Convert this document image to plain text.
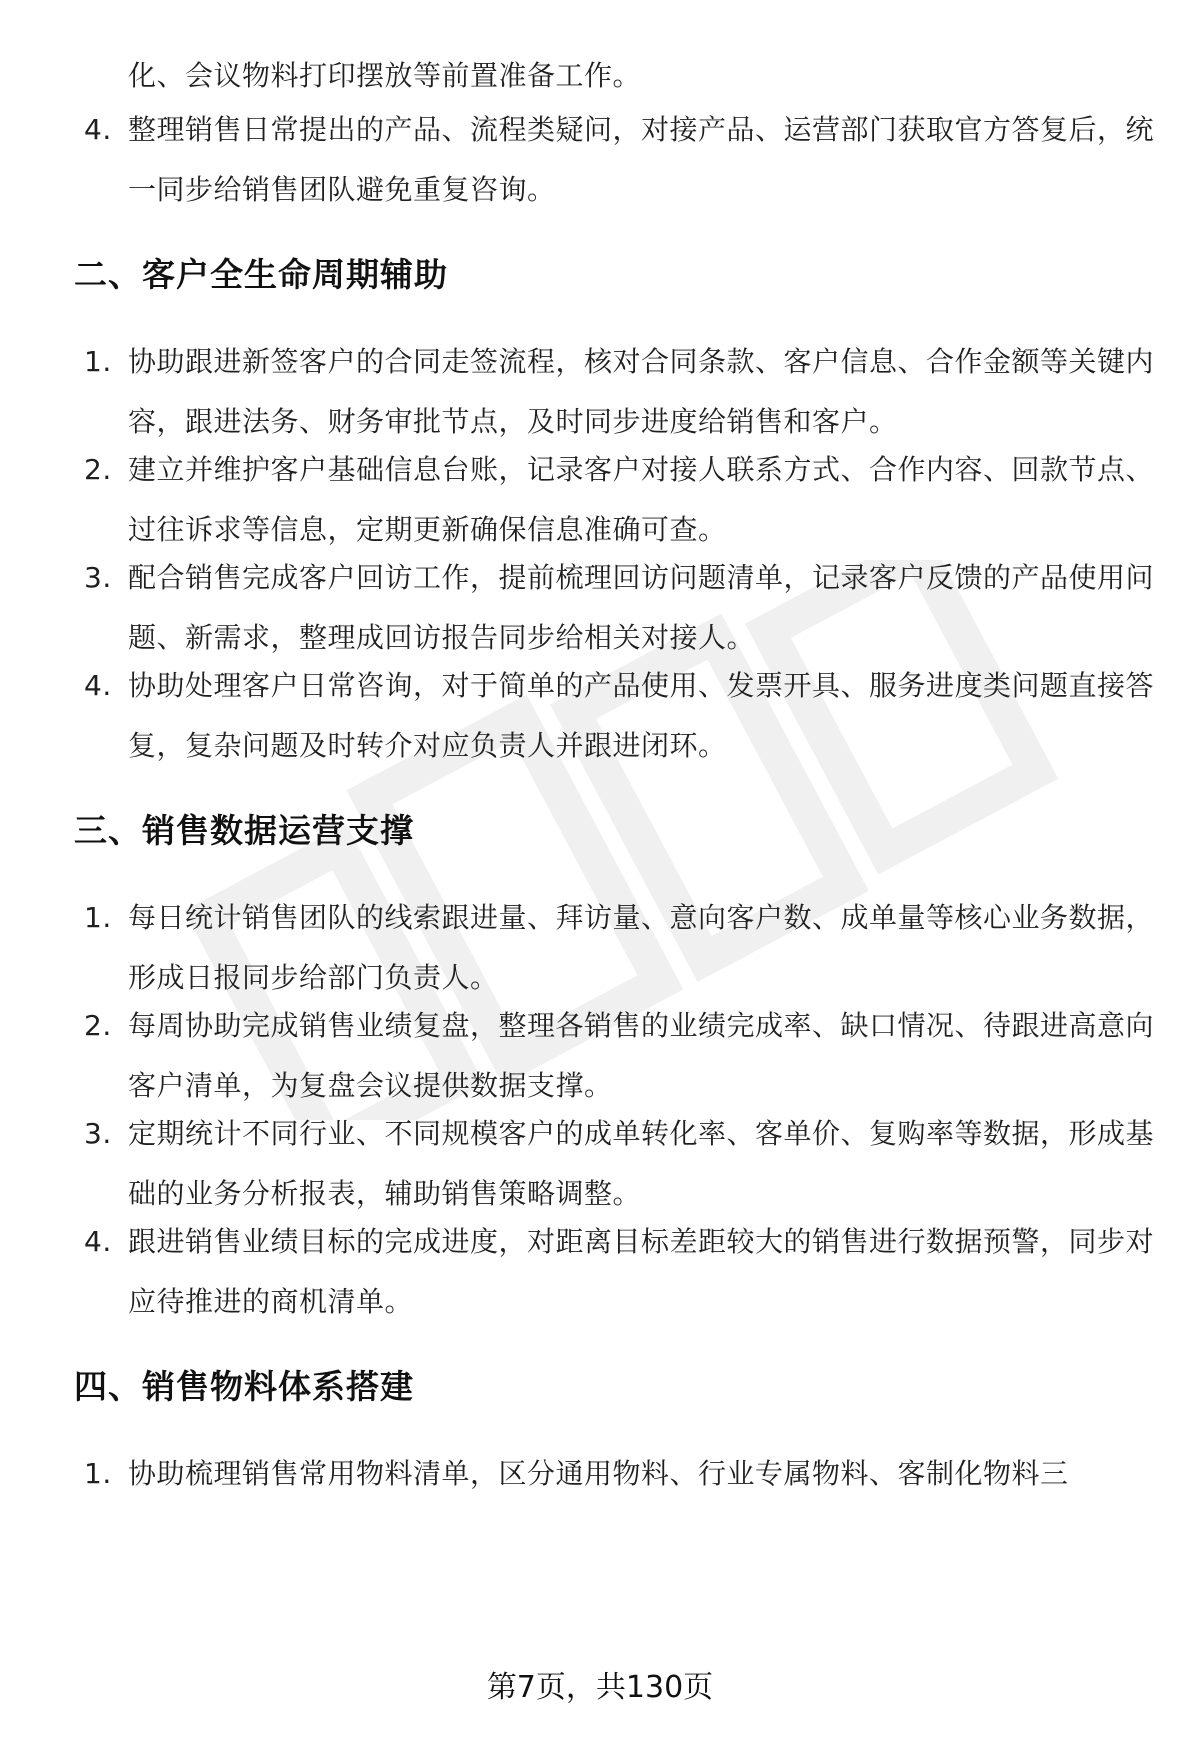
化、会议物料打印摆放等前置准备工作。
4. 整理销售日常提出的产品、流程类疑问，对接产品、运营部门获取官方答复后，统一同步给销售团队避免重复咨询。
二、客户全生命周期辅助
1. 协助跟进新签客户的合同走签流程，核对合同条款、客户信息、合作金额等关键内容，跟进法务、财务审批节点，及时同步进度给销售和客户。
2. 建立并维护客户基础信息台账，记录客户对接人联系方式、合作内容、回款节点、过往诉求等信息，定期更新确保信息准确可查。
3. 配合销售完成客户回访工作，提前梳理回访问题清单，记录客户反馈的产品使用问题、新需求，整理成回访报告同步给相关对接人。
4. 协助处理客户日常咨询，对于简单的产品使用、发票开具、服务进度类问题直接答复，复杂问题及时转介对应负责人并跟进闭环。
三、销售数据运营支撑
1. 每日统计销售团队的线索跟进量、拜访量、意向客户数、成单量等核心业务数据，形成日报同步给部门负责人。
2. 每周协助完成销售业绩复盘，整理各销售的业绩完成率、缺口情况、待跟进高意向客户清单，为复盘会议提供数据支撑。
3. 定期统计不同行业、不同规模客户的成单转化率、客单价、复购率等数据，形成基础的业务分析报表，辅助销售策略调整。
4. 跟进销售业绩目标的完成进度，对距离目标差距较大的销售进行数据预警，同步对应待推进的商机清单。
四、销售物料体系搭建
1. 协助梳理销售常用物料清单，区分通用物料、行业专属物料、客制化物料三
第7页，共130页
